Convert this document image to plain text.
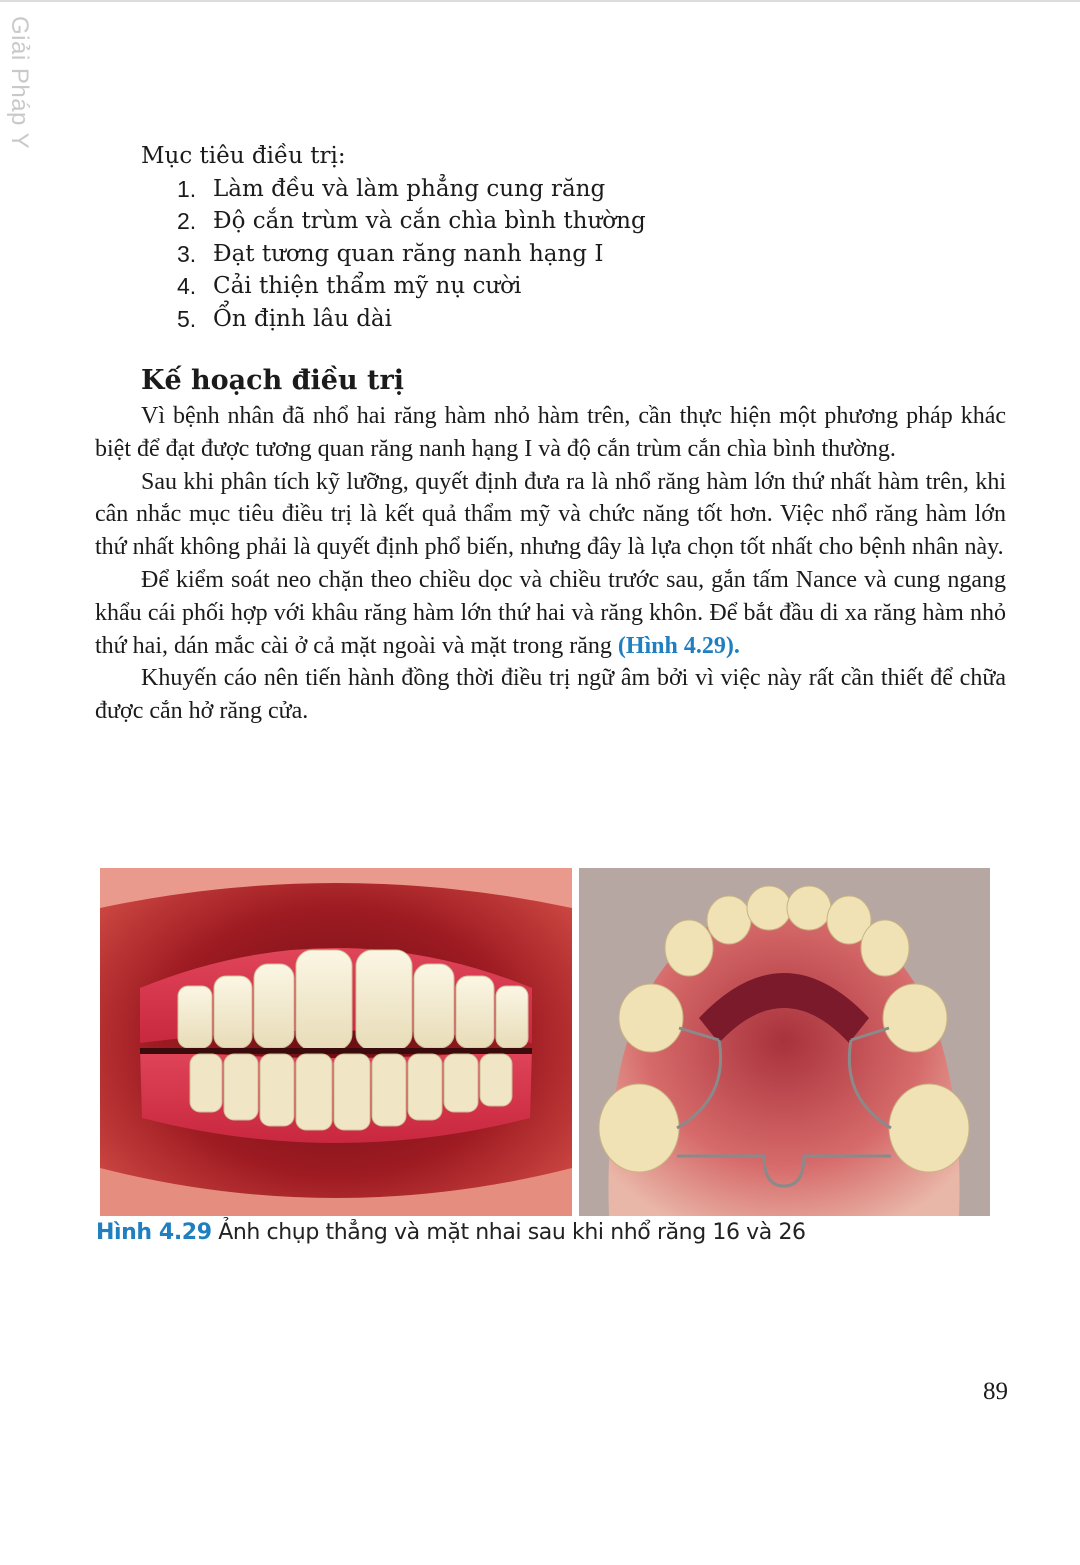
Giải Pháp Y

Mục tiêu điều trị:

1. Làm đều và làm phẳng cung răng
2. Độ cắn trùm và cắn chìa bình thường
3. Đạt tương quan răng nanh hạng I
4. Cải thiện thẩm mỹ nụ cười
5. Ổn định lâu dài
Kế hoạch điều trị

Vì bệnh nhân đã nhổ hai răng hàm nhỏ hàm trên, cần thực hiện một phương pháp khác biệt để đạt được tương quan răng nanh hạng I và độ cắn trùm cắn chìa bình thường.

Sau khi phân tích kỹ lưỡng, quyết định đưa ra là nhổ răng hàm lớn thứ nhất hàm trên, khi cân nhắc mục tiêu điều trị là kết quả thẩm mỹ và chức năng tốt hơn. Việc nhổ răng hàm lớn thứ nhất không phải là quyết định phổ biến, nhưng đây là lựa chọn tốt nhất cho bệnh nhân này.

Để kiểm soát neo chặn theo chiều dọc và chiều trước sau, gắn tấm Nance và cung ngang khẩu cái phối hợp với khâu răng hàm lớn thứ hai và răng khôn. Để bắt đầu di xa răng hàm nhỏ thứ hai, dán mắc cài ở cả mặt ngoài và mặt trong răng (Hình 4.29).

Khuyến cáo nên tiến hành đồng thời điều trị ngữ âm bởi vì việc này rất cần thiết để chữa được cắn hở răng cửa.

Hình 4.29 Ảnh chụp thẳng và mặt nhai sau khi nhổ răng 16 và 26

89
